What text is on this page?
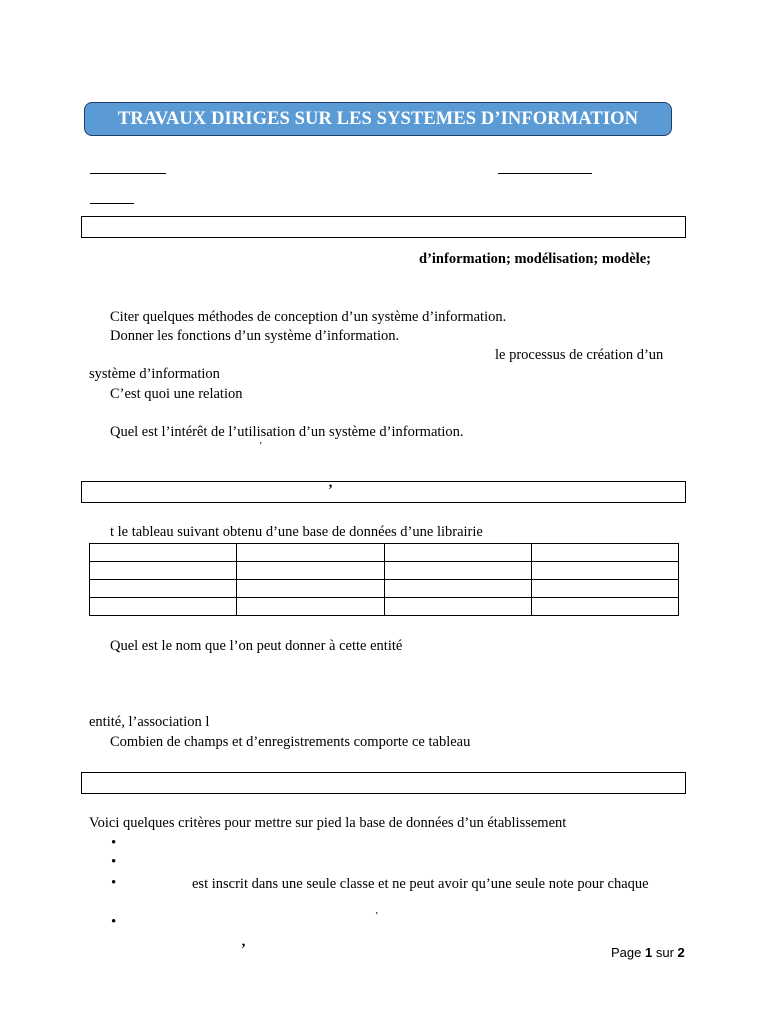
TRAVAUX DIRIGES SUR LES SYSTEMES D’INFORMATION
d’information; modélisation; modèle;
Citer quelques méthodes de conception d’un système d’information.
Donner les fonctions d’un système d’information.
le processus de création d’un
système d’information
C’est quoi une relation
Quel est l’intérêt de l’utilisation d’un système d’information.
’
’
t le tableau suivant obtenu d’une base de données d’une librairie

Quel est le nom que l’on peut donner à cette entité
entité, l’association l
Combien de champs et d’enregistrements comporte ce tableau
Voici quelques critères pour mettre sur pied la base de données d’un établissement
•
•
•	est inscrit dans une seule classe et ne peut avoir qu’une seule note pour chaque
•	’
’	Page 1 sur 2
